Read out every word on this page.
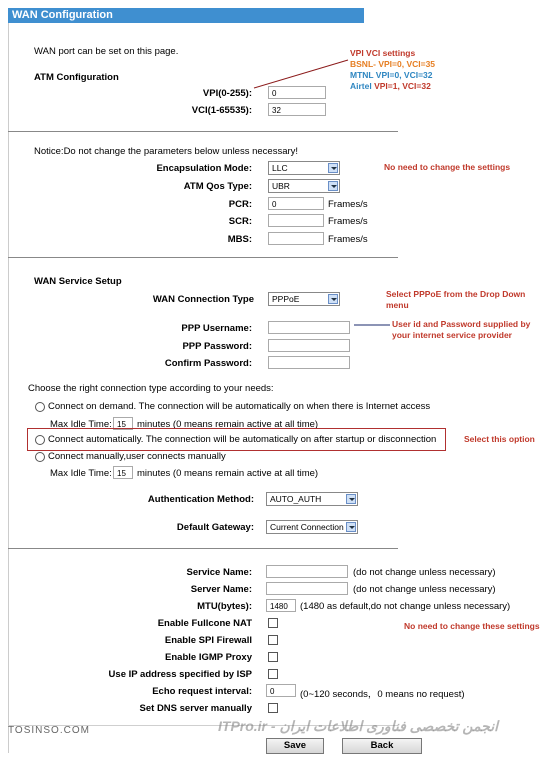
WAN Configuration
WAN port can be set on this page.
ATM Configuration
VPI(0-255):	0
VCI(1-65535):	32
VPI VCI settings
BSNL- VPI=0, VCI=35
MTNL VPI=0, VCI=32
Airtel VPI=1, VCI=32
Notice:Do not change the parameters below unless necessary!
Encapsulation Mode:	LLC	No need to change the settings
ATM Qos Type:	UBR
PCR:	0	Frames/s
SCR:	Frames/s
MBS:	Frames/s
WAN Service Setup
WAN Connection Type	PPPoE	Select PPPoE from the Drop Down
menu
PPP Username:
PPP Password:
Confirm Password:
User id and Password supplied by
your internet service provider
Choose the right connection type according to your needs:
Connect on demand. The connection will be automatically on when there is Internet access
Max Idle Time: 15	minutes (0 means remain active at all time)
Connect automatically. The connection will be automatically on after startup or disconnection	Select this option
Connect manually,user connects manually
Max Idle Time: 15	minutes (0 means remain active at all time)
Authentication Method:	AUTO_AUTH
Default Gateway:	Current Connection
Service Name:	(do not change unless necessary)
Server Name:	(do not change unless necessary)
MTU(bytes):	1480	(1480 as default,do not change unless necessary)
Enable Fullcone NAT	No need to change these settings
Enable SPI Firewall
Enable IGMP Proxy
Use IP address specified by ISP
Echo request interval:	0	(0~120 seconds，0 means no request)
Set DNS server manually
TOSINSO.COM	ITPro.ir - انجمن تخصصی فناوری اطلاعات ایران
Save	Back
